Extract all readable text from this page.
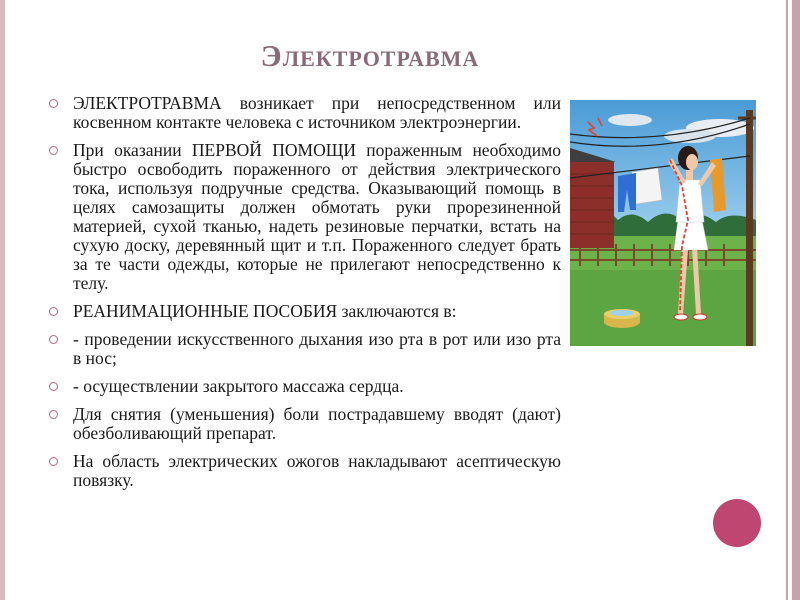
Электротравма
ЭЛЕКТРОТРАВМА возникает при непосредственном или косвенном контакте человека с источником электроэнергии.
При оказании ПЕРВОЙ ПОМОЩИ пораженным необходимо быстро освободить пораженного от действия электрического тока, используя подручные средства. Оказывающий помощь в целях самозащиты должен обмотать руки прорезиненной материей, сухой тканью, надеть резиновые перчатки, встать на сухую доску, деревянный щит и т.п. Пораженного следует брать за те части одежды, которые не прилегают непосредственно к телу.
РЕАНИМАЦИОННЫЕ ПОСОБИЯ заключаются в:
- проведении искусственного дыхания изо рта в рот или изо рта в нос;
- осуществлении закрытого массажа сердца.
Для снятия (уменьшения) боли пострадавшему вводят (дают) обезболивающий препарат.
На область электрических ожогов накладывают асептическую повязку.
